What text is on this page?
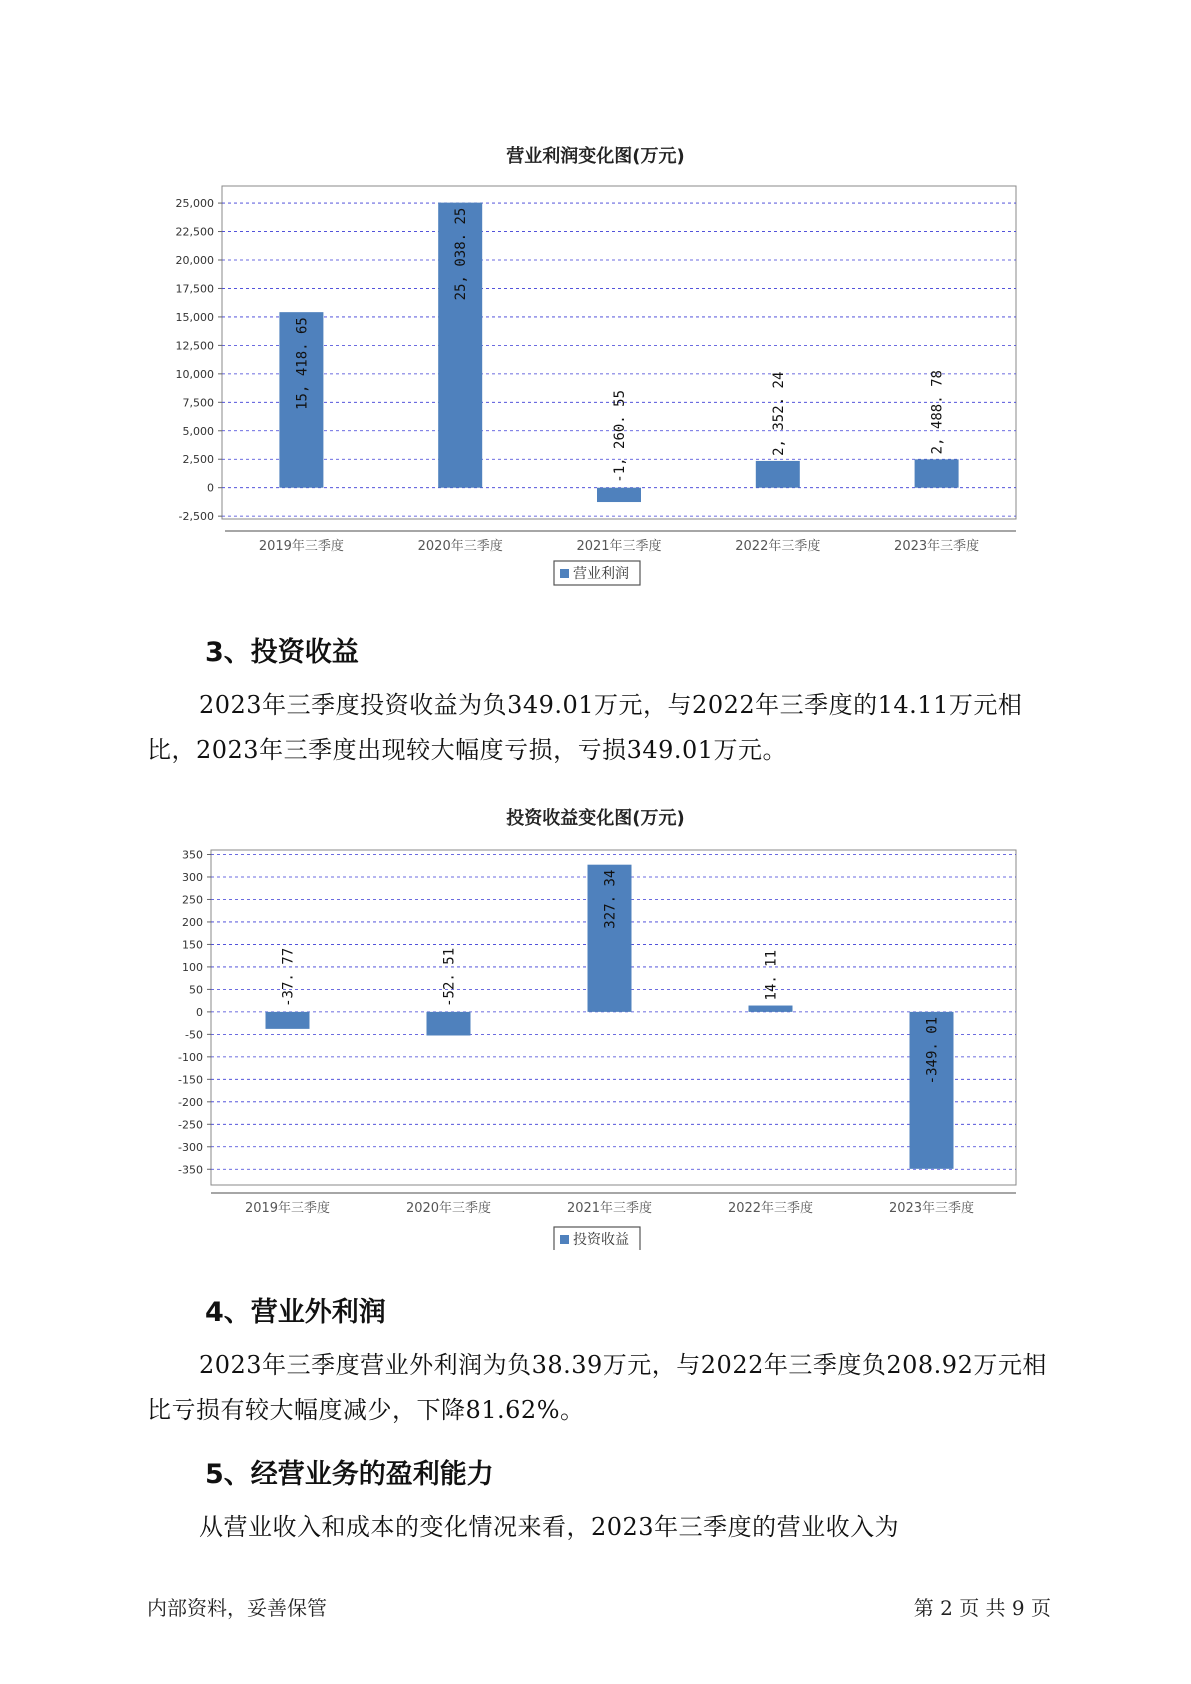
营业利润变化图(万元)
25,000
22,500
20,000
17,500
15,000
12,500
10,000
7,500
5,000
2,500
0
-2,500
15, 418. 65
2019年三季度
25, 038. 25
2020年三季度
-1, 260. 55
2021年三季度
2, 352. 24
2022年三季度
2, 488. 78
2023年三季度
营业利润
3、投资收益

2023年三季度投资收益为负349.01万元，与2022年三季度的14.11万元相比，2023年三季度出现较大幅度亏损，亏损349.01万元。

投资收益变化图(万元)
350
300
250
200
150
100
50
0
-50
-100
-150
-200
-250
-300
-350
-37. 77
2019年三季度
-52. 51
2020年三季度
327. 34
2021年三季度
14. 11
2022年三季度
-349. 01
2023年三季度
投资收益
4、营业外利润

2023年三季度营业外利润为负38.39万元，与2022年三季度负208.92万元相比亏损有较大幅度减少，下降81.62%。

5、经营业务的盈利能力

从营业收入和成本的变化情况来看，2023年三季度的营业收入为

内部资料，妥善保管	第 2 页 共 9 页
